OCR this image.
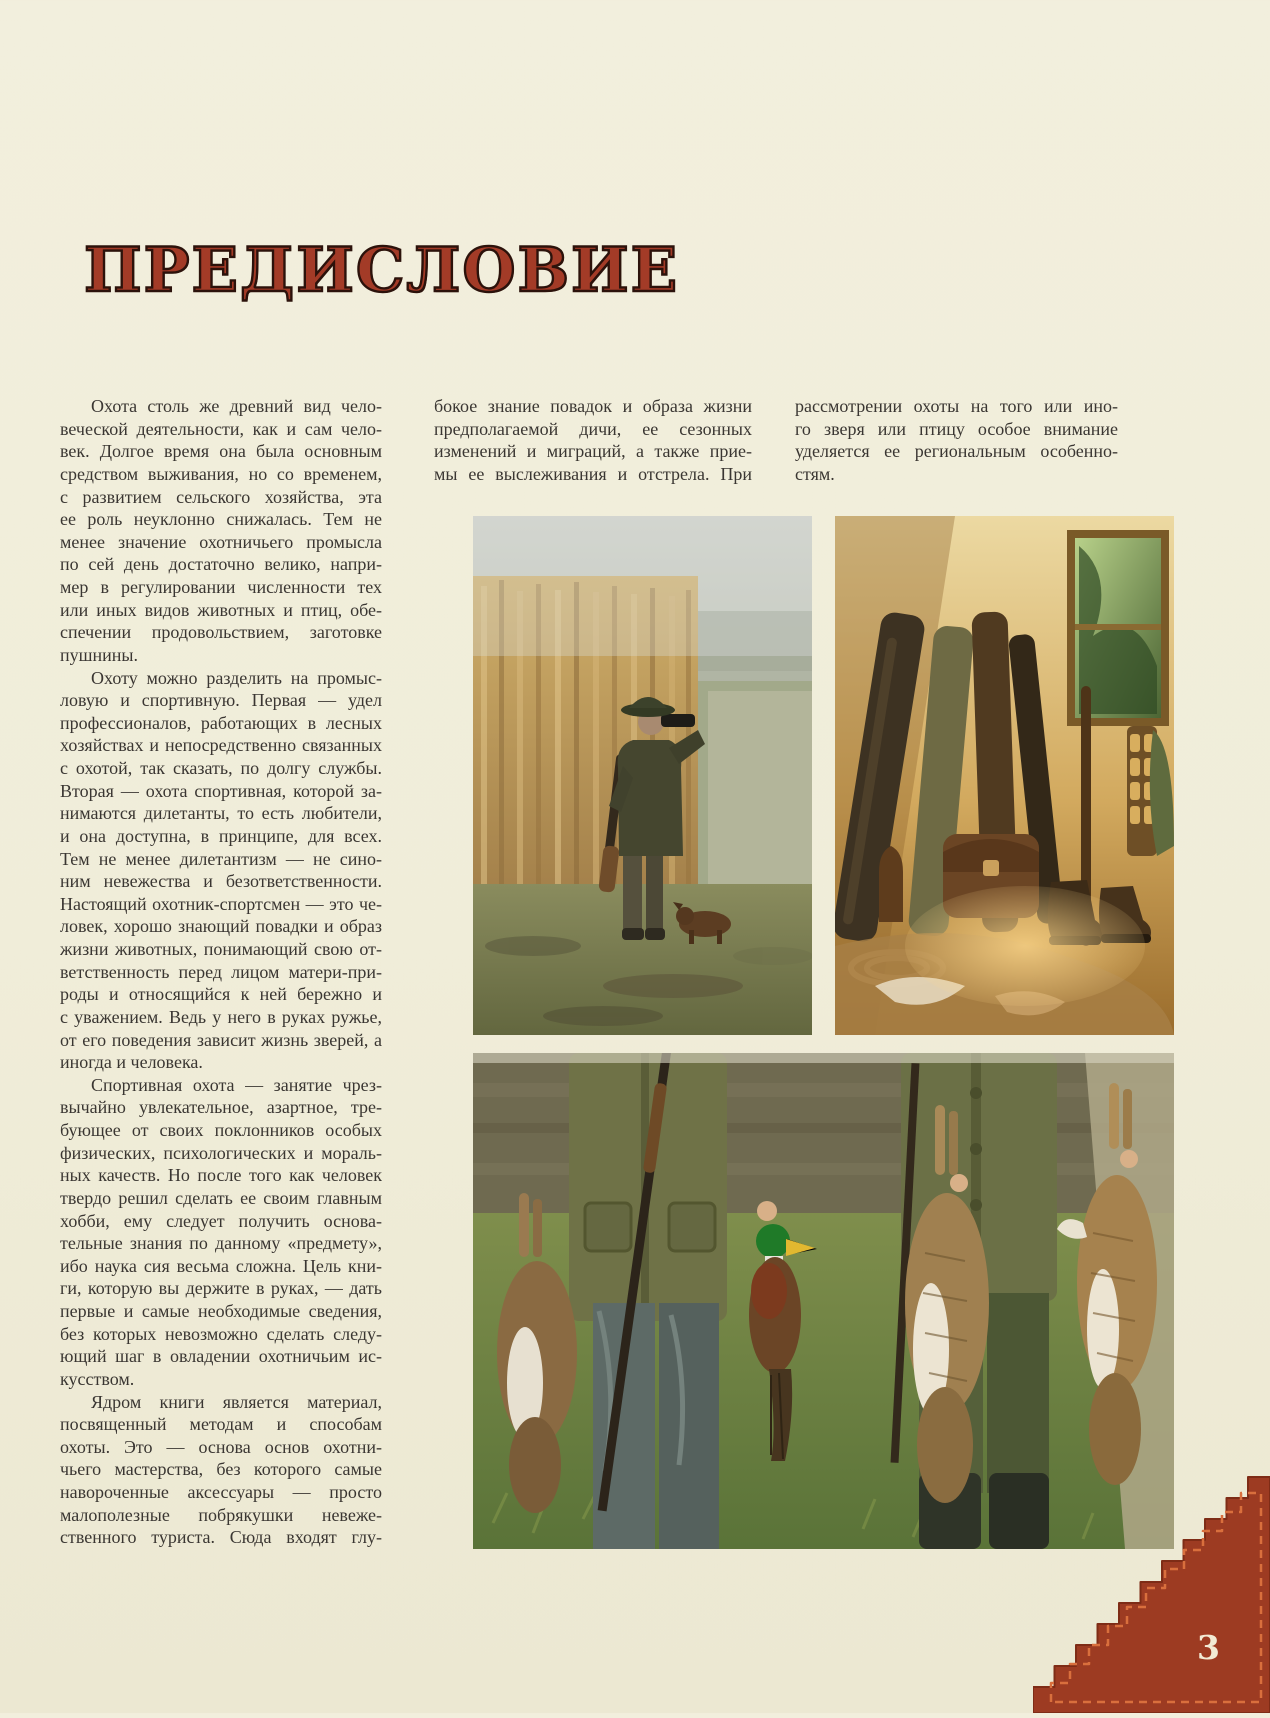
ПРЕДИСЛОВИЕ
Охота столь же древний вид чело-
веческой деятельности, как и сам чело-
век. Долгое время она была основным
средством выживания, но со временем,
с развитием сельского хозяйства, эта
ее роль неуклонно снижалась. Тем не
менее значение охотничьего промысла
по сей день достаточно велико, напри-
мер в регулировании численности тех
или иных видов животных и птиц, обе-
спечении продовольствием, заготовке
пушнины.
Охоту можно разделить на промыс-
ловую и спортивную. Первая — удел
профессионалов, работающих в лесных
хозяйствах и непосредственно связанных
с охотой, так сказать, по долгу службы.
Вторая — охота спортивная, которой за-
нимаются дилетанты, то есть любители,
и она доступна, в принципе, для всех.
Тем не менее дилетантизм — не сино-
ним невежества и безответственности.
Настоящий охотник-спортсмен — это че-
ловек, хорошо знающий повадки и образ
жизни животных, понимающий свою от-
ветственность перед лицом матери-при-
роды и относящийся к ней бережно и
с уважением. Ведь у него в руках ружье,
от его поведения зависит жизнь зверей, а
иногда и человека.
Спортивная охота — занятие чрез-
вычайно увлекательное, азартное, тре-
бующее от своих поклонников особых
физических, психологических и мораль-
ных качеств. Но после того как человек
твердо решил сделать ее своим главным
хобби, ему следует получить основа-
тельные знания по данному «предмету»,
ибо наука сия весьма сложна. Цель кни-
ги, которую вы держите в руках, — дать
первые и самые необходимые сведения,
без которых невозможно сделать следу-
ющий шаг в овладении охотничьим ис-
кусством.
Ядром книги является материал,
посвященный методам и способам
охоты. Это — основа основ охотни-
чьего мастерства, без которого самые
навороченные аксессуары — просто
малополезные побрякушки невеже-
ственного туриста. Сюда входят глу-
бокое знание повадок и образа жизни
предполагаемой дичи, ее сезонных
изменений и миграций, а также прие-
мы ее выслеживания и отстрела. При
рассмотрении охоты на того или ино-
го зверя или птицу особое внимание
уделяется ее региональным особенно-
стям.
3
